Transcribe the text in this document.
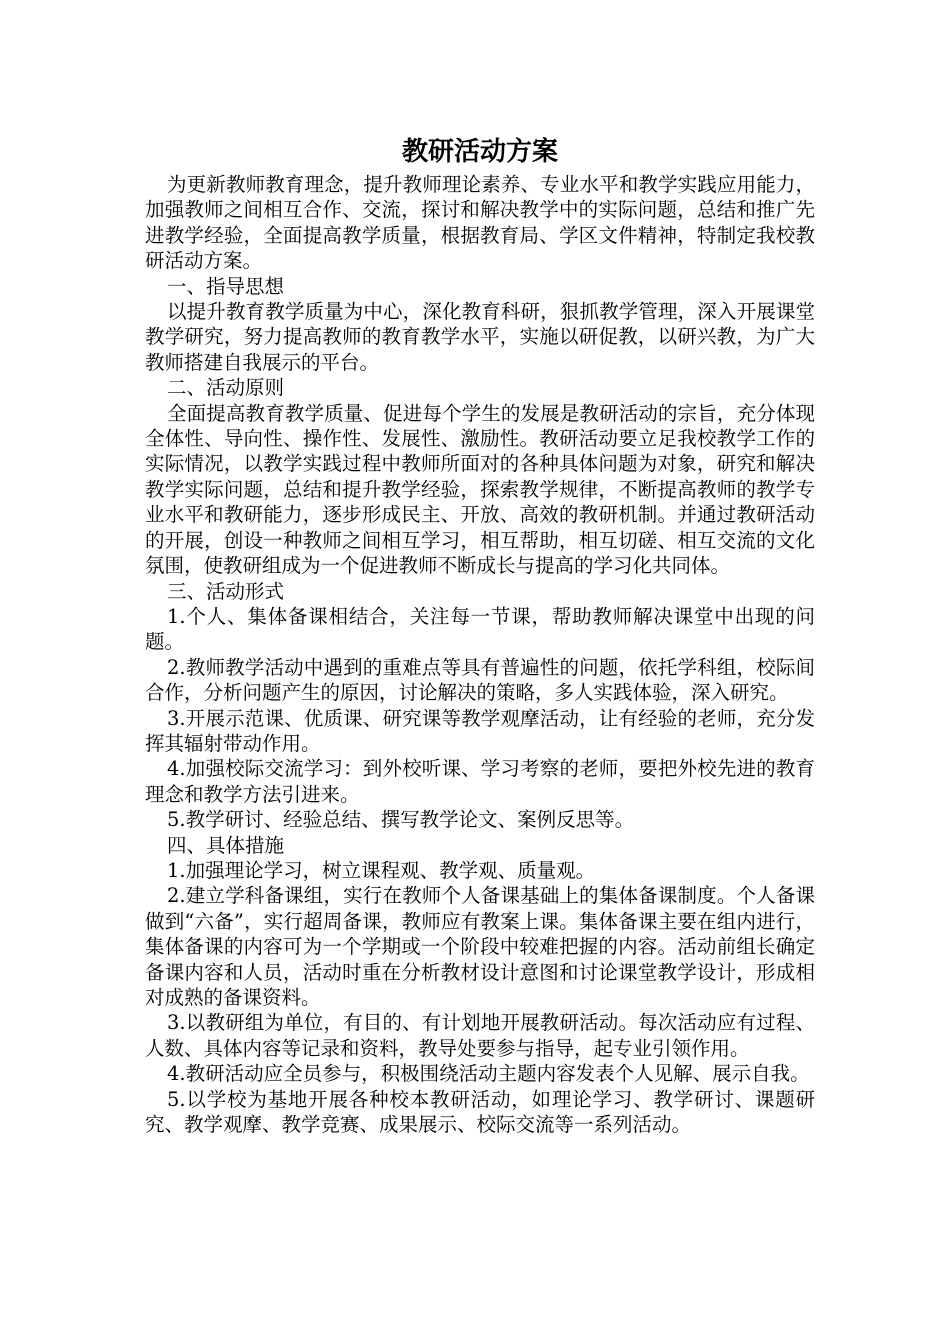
教研活动方案

为更新教师教育理念，提升教师理论素养、专业水平和教学实践应用能力，加强教师之间相互合作、交流，探讨和解决教学中的实际问题，总结和推广先进教学经验，全面提高教学质量，根据教育局、学区文件精神，特制定我校教研活动方案。

一、指导思想

以提升教育教学质量为中心，深化教育科研，狠抓教学管理，深入开展课堂教学研究，努力提高教师的教育教学水平，实施以研促教，以研兴教，为广大教师搭建自我展示的平台。

二、活动原则

全面提高教育教学质量、促进每个学生的发展是教研活动的宗旨，充分体现全体性、导向性、操作性、发展性、激励性。教研活动要立足我校教学工作的实际情况，以教学实践过程中教师所面对的各种具体问题为对象，研究和解决教学实际问题，总结和提升教学经验，探索教学规律，不断提高教师的教学专业水平和教研能力，逐步形成民主、开放、高效的教研机制。并通过教研活动的开展，创设一种教师之间相互学习，相互帮助，相互切磋、相互交流的文化氛围，使教研组成为一个促进教师不断成长与提高的学习化共同体。

三、活动形式

1.个人、集体备课相结合，关注每一节课，帮助教师解决课堂中出现的问题。

2.教师教学活动中遇到的重难点等具有普遍性的问题，依托学科组，校际间合作，分析问题产生的原因，讨论解决的策略，多人实践体验，深入研究。

3.开展示范课、优质课、研究课等教学观摩活动，让有经验的老师，充分发挥其辐射带动作用。

4.加强校际交流学习：到外校听课、学习考察的老师，要把外校先进的教育理念和教学方法引进来。

5.教学研讨、经验总结、撰写教学论文、案例反思等。

四、具体措施

1.加强理论学习，树立课程观、教学观、质量观。

2.建立学科备课组，实行在教师个人备课基础上的集体备课制度。个人备课做到“六备”，实行超周备课，教师应有教案上课。集体备课主要在组内进行，集体备课的内容可为一个学期或一个阶段中较难把握的内容。活动前组长确定备课内容和人员，活动时重在分析教材设计意图和讨论课堂教学设计，形成相对成熟的备课资料。

3.以教研组为单位，有目的、有计划地开展教研活动。每次活动应有过程、人数、具体内容等记录和资料，教导处要参与指导，起专业引领作用。

4.教研活动应全员参与，积极围绕活动主题内容发表个人见解、展示自我。

5.以学校为基地开展各种校本教研活动，如理论学习、教学研讨、课题研究、教学观摩、教学竞赛、成果展示、校际交流等一系列活动。
